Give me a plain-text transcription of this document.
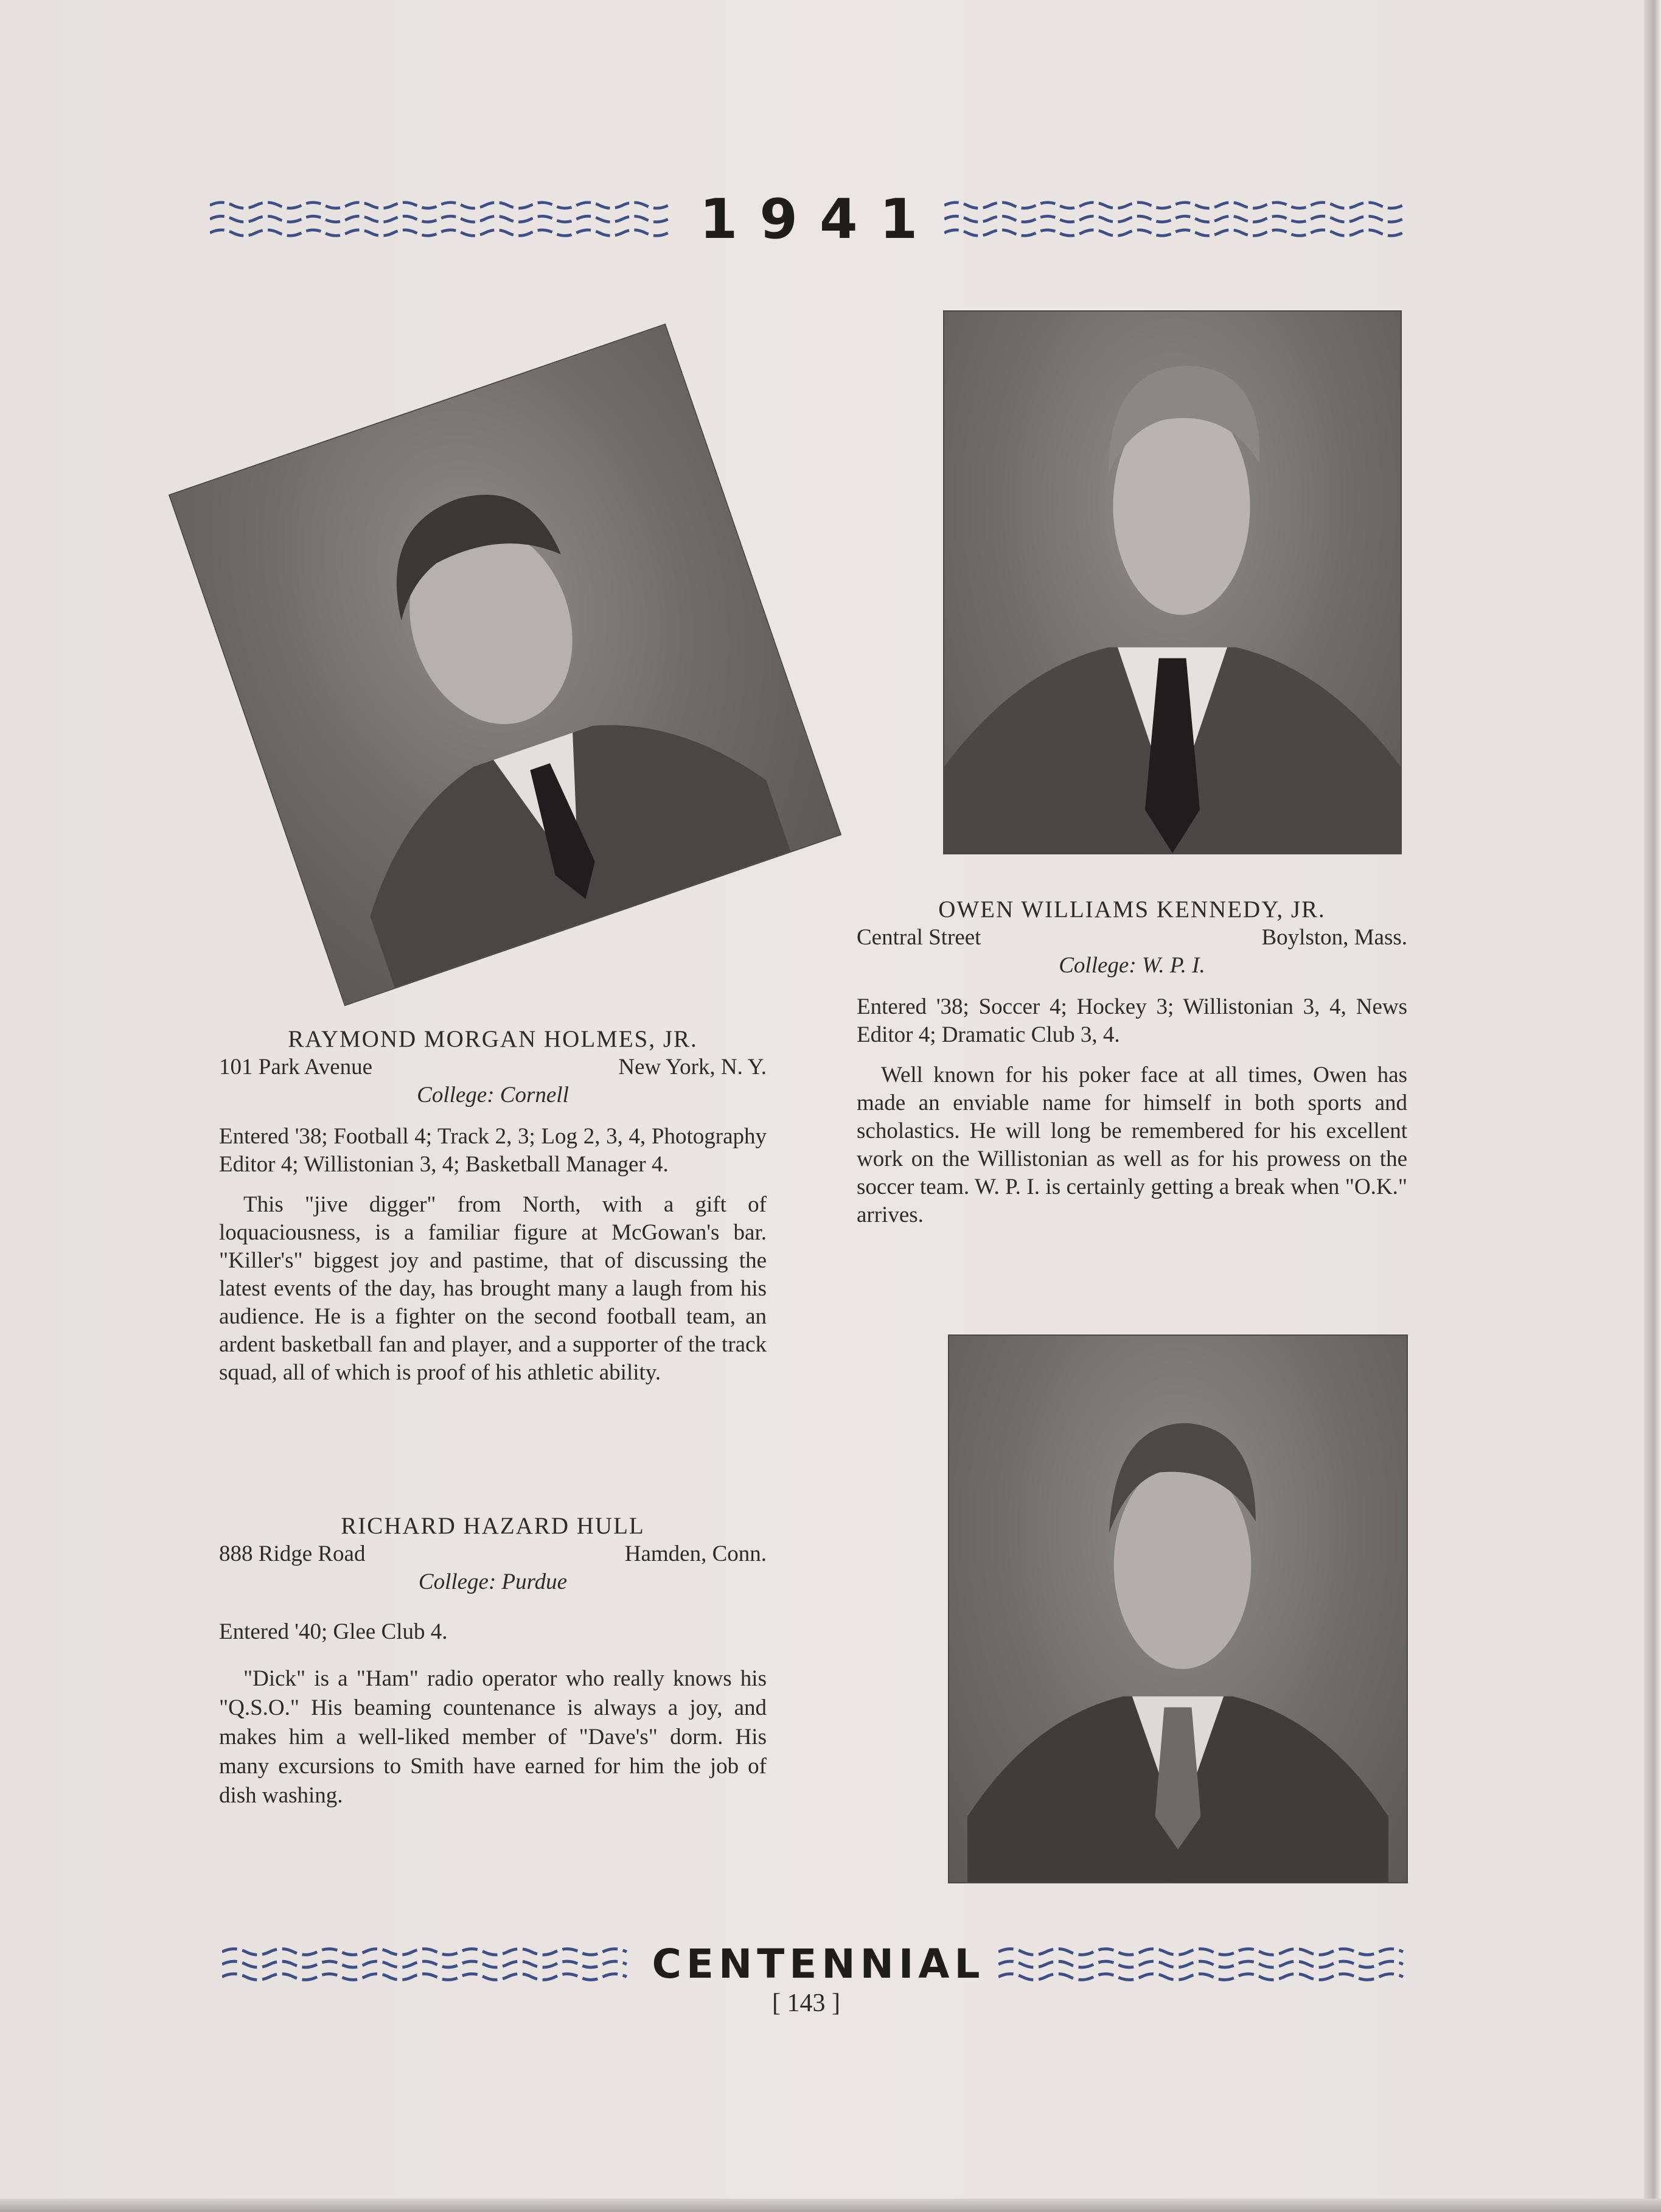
1941
RAYMOND MORGAN HOLMES, JR.
101 Park Avenue	New York, N. Y.
College: Cornell
Entered '38; Football 4; Track 2, 3; Log 2, 3, 4, Photography Editor 4; Willistonian 3, 4; Basketball Manager 4.
This "jive digger" from North, with a gift of loquaciousness, is a familiar figure at McGowan's bar. "Killer's" biggest joy and pastime, that of discussing the latest events of the day, has brought many a laugh from his audience. He is a fighter on the second football team, an ardent basketball fan and player, and a supporter of the track squad, all of which is proof of his athletic ability.
OWEN WILLIAMS KENNEDY, JR.
Central Street	Boylston, Mass.
College: W. P. I.
Entered '38; Soccer 4; Hockey 3; Willistonian 3, 4, News Editor 4; Dramatic Club 3, 4.
Well known for his poker face at all times, Owen has made an enviable name for himself in both sports and scholastics. He will long be remembered for his excellent work on the Willistonian as well as for his prowess on the soccer team. W. P. I. is certainly getting a break when "O.K." arrives.
RICHARD HAZARD HULL
888 Ridge Road	Hamden, Conn.
College: Purdue
Entered '40; Glee Club 4.
"Dick" is a "Ham" radio operator who really knows his "Q.S.O." His beaming countenance is always a joy, and makes him a well-liked member of "Dave's" dorm. His many excursions to Smith have earned for him the job of dish washing.
CENTENNIAL
[ 143 ]
